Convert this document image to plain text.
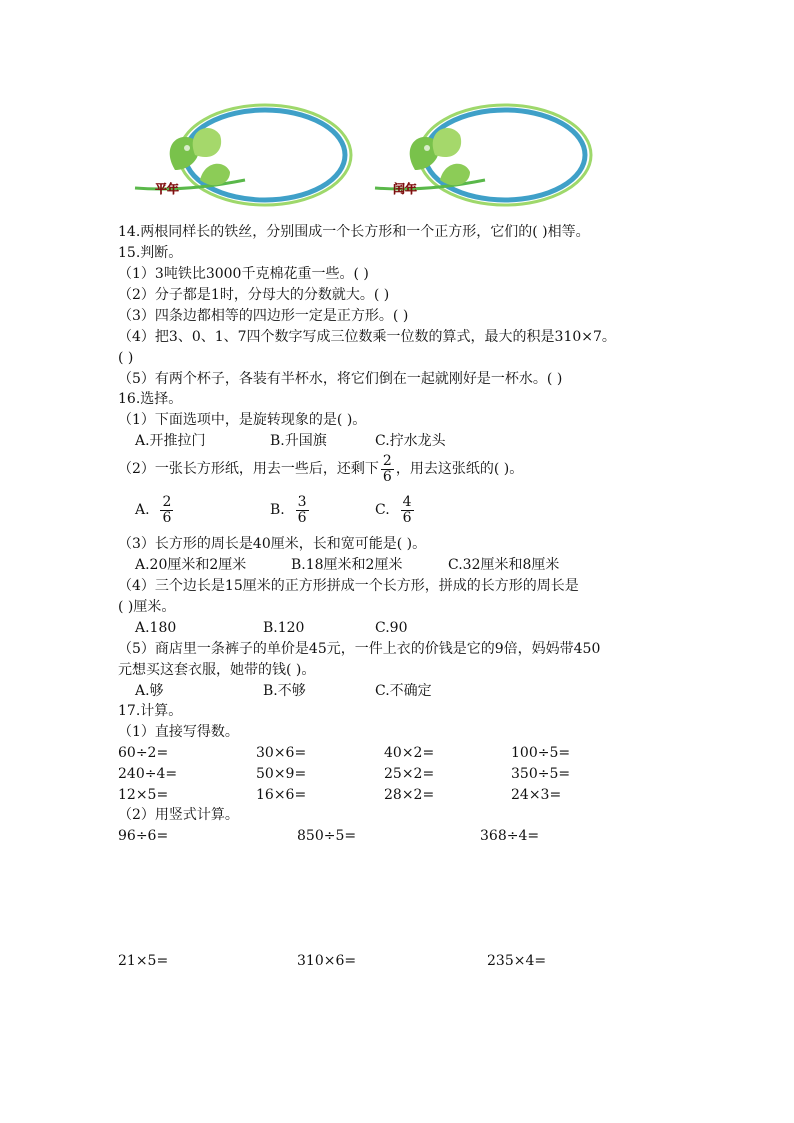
平年	闰年
14.两根同样长的铁丝，分别围成一个长方形和一个正方形，它们的( )相等。
15.判断。
（1）3吨铁比3000千克棉花重一些。( )
（2）分子都是1时，分母大的分数就大。( )
（3）四条边都相等的四边形一定是正方形。( )
（4）把3、0、1、7四个数字写成三位数乘一位数的算式，最大的积是310×7。
( )
（5）有两个杯子，各装有半杯水，将它们倒在一起就刚好是一杯水。( )
16.选择。
（1）下面选项中，是旋转现象的是( )。
A.开推拉门	B.升国旗	C.拧水龙头
（2）一张长方形纸，用去一些后，还剩下 $\frac{2}{6}$ ，用去这张纸的( )。
A. $\frac{2}{6}$	B. $\frac{3}{6}$	C. $\frac{4}{6}$
（3）长方形的周长是40厘米，长和宽可能是( )。
A.20厘米和2厘米	B.18厘米和2厘米	C.32厘米和8厘米
（4）三个边长是15厘米的正方形拼成一个长方形，拼成的长方形的周长是
( )厘米。
A.180	B.120	C.90
（5）商店里一条裤子的单价是45元，一件上衣的价钱是它的9倍，妈妈带450
元想买这套衣服，她带的钱( )。
A.够	B.不够	C.不确定
17.计算。
（1）直接写得数。
60÷2=	30×6=	40×2=	100÷5=
240÷4=	50×9=	25×2=	350÷5=
12×5=	16×6=	28×2=	24×3=
（2）用竖式计算。
96÷6=	850÷5=	368÷4=
21×5=	310×6=	235×4=
